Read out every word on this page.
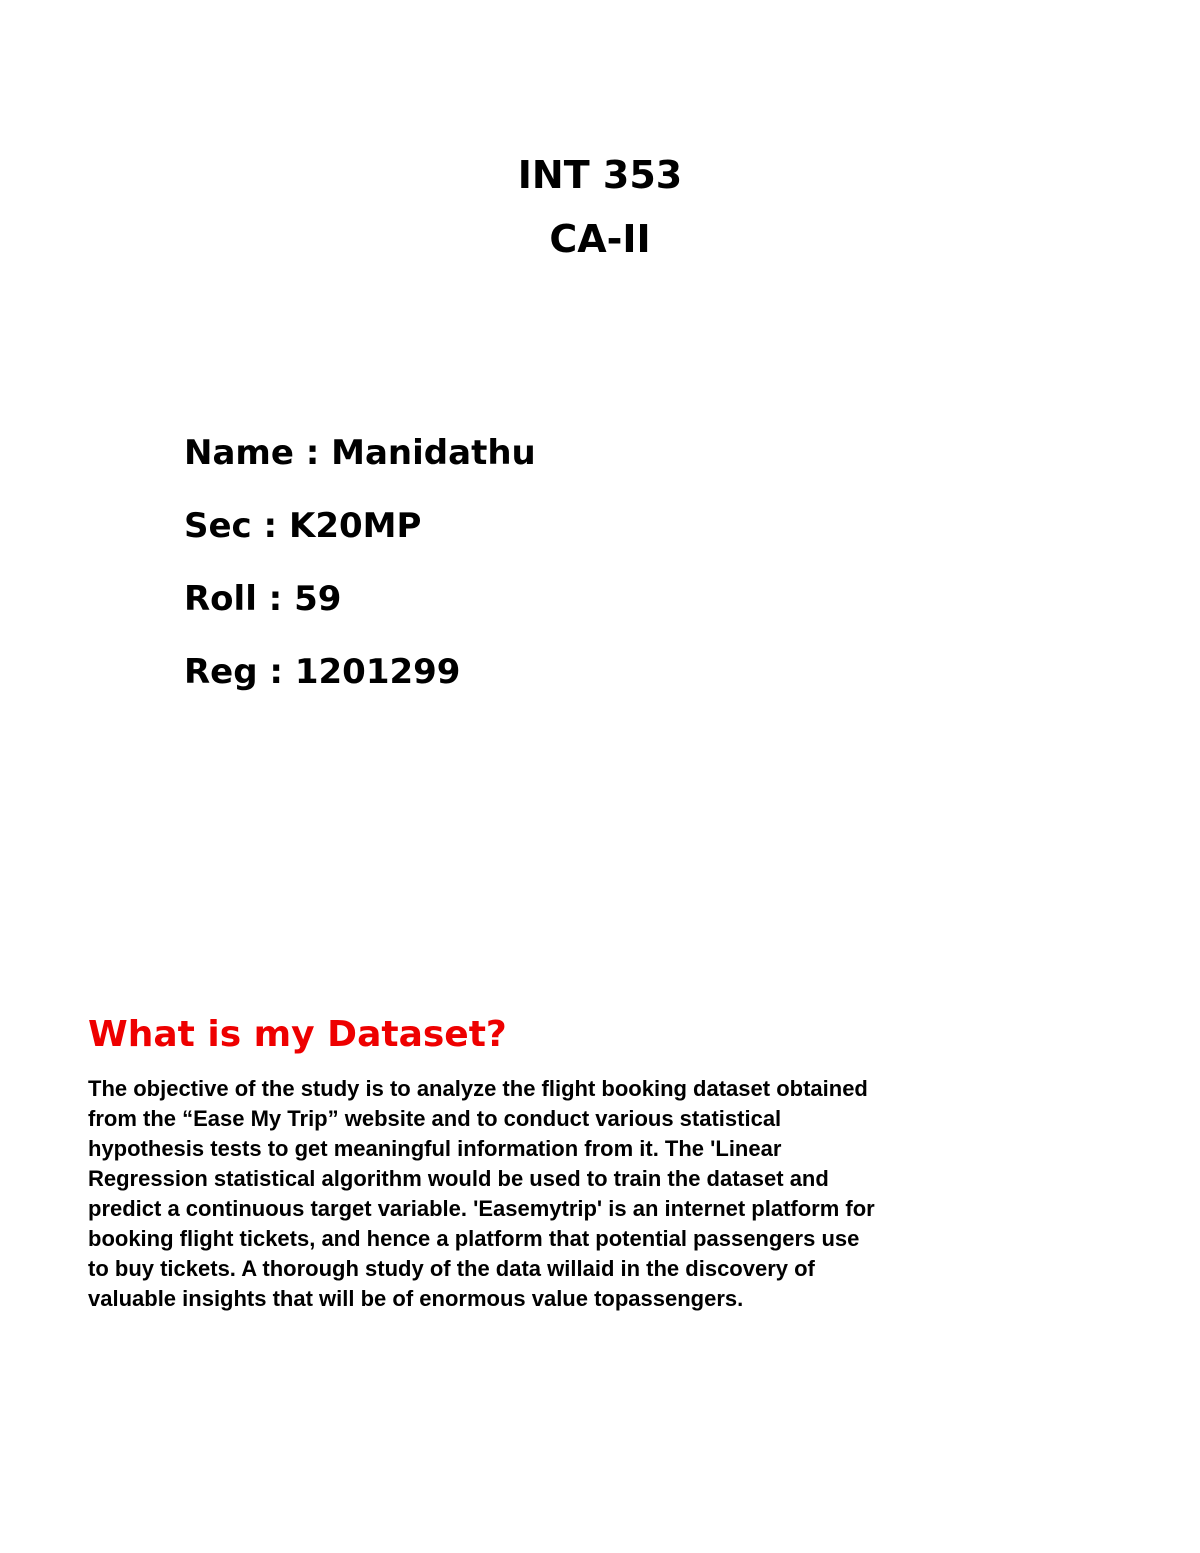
INT 353
CA-II
Name : Manidathu
Sec : K20MP
Roll : 59
Reg : 1201299
What is my Dataset?
The objective of the study is to analyze the flight booking dataset obtained
from the “Ease My Trip” website and to conduct various statistical
hypothesis tests to get meaningful information from it. The 'Linear
Regression statistical algorithm would be used to train the dataset and
predict a continuous target variable. 'Easemytrip' is an internet platform for
booking flight tickets, and hence a platform that potential passengers use
to buy tickets. A thorough study of the data willaid in the discovery of
valuable insights that will be of enormous value topassengers.
